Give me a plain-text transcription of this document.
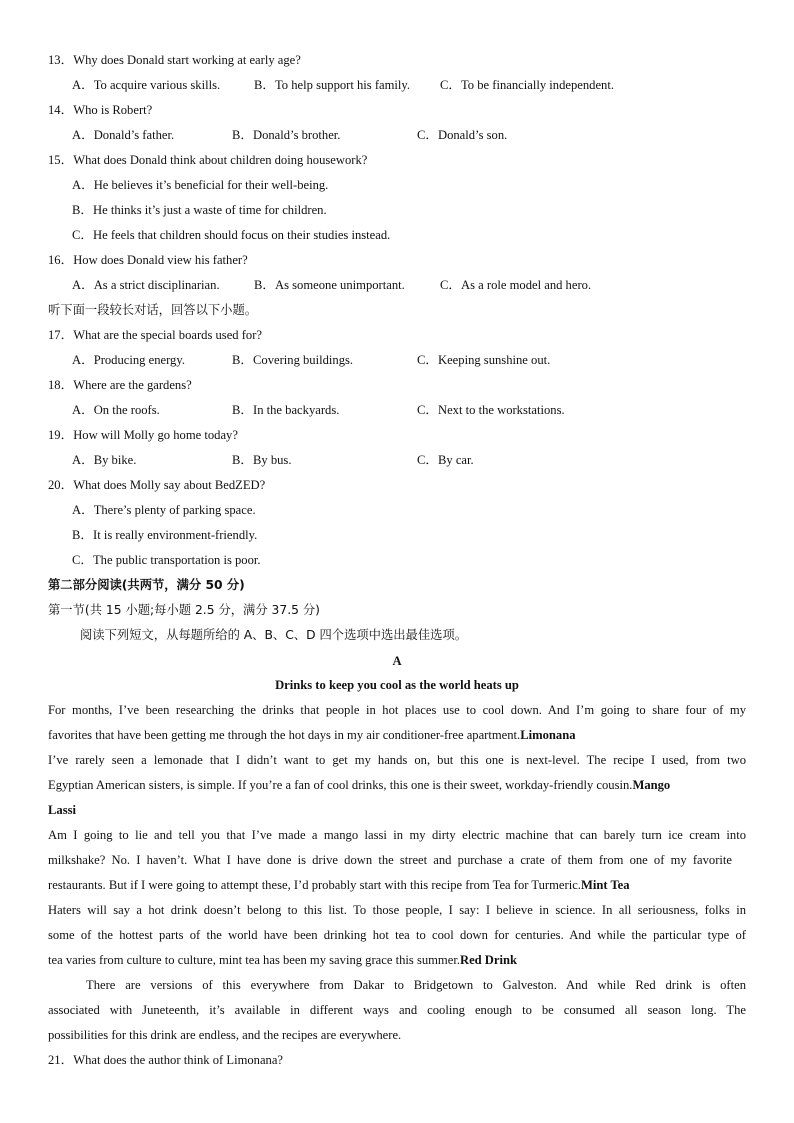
13．Why does Donald start working at early age?
A．To acquire various skills.	B．To help support his family. C．To be financially independent.
14．Who is Robert?
A．Donald’s father.	B．Donald’s brother.	C．Donald’s son.
15．What does Donald think about children doing housework?
A．He believes it’s beneficial for their well-being.
B．He thinks it’s just a waste of time for children.
C．He feels that children should focus on their studies instead.
16．How does Donald view his father?
A．As a strict disciplinarian.	B．As someone unimportant.	C．As a role model and hero.
听下面一段较长对话，回答以下小题。
17．What are the special boards used for?
A．Producing energy.	B．Covering buildings.	C．Keeping sunshine out.
18．Where are the gardens?
A．On the roofs.	B．In the backyards.	C．Next to the workstations.
19．How will Molly go home today?
A．By bike.	B．By bus.	C．By car.
20．What does Molly say about BedZED?
A．There’s plenty of parking space.
B．It is really environment-friendly.
C．The public transportation is poor.
第二部分阅读(共两节，满分 50 分)
第一节(共 15 小题;每小题 2.5 分，满分 37.5 分)
阅读下列短文，从每题所给的 A、B、C、D 四个选项中选出最佳选项。
A
Drinks to keep you cool as the world heats up
For months, I’ve been researching the drinks that people in hot places use to cool down. And I’m going to share four of my
favorites that have been getting me through the hot days in my air conditioner-free apartment.Limonana
I’ve rarely seen a lemonade that I didn’t want to get my hands on, but this one is next-level. The recipe I used, from two
Egyptian American sisters, is simple. If you’re a fan of cool drinks, this one is their sweet, workday-friendly cousin.Mango
Lassi
Am I going to lie and tell you that I’ve made a mango lassi in my dirty electric machine that can barely turn ice cream into
milkshake? No. I haven’t. What I have done is drive down the street and purchase a crate of them from one of my favorite
restaurants. But if I were going to attempt these, I’d probably start with this recipe from Tea for Turmeric.Mint Tea
Haters will say a hot drink doesn’t belong to this list. To those people, I say: I believe in science. In all seriousness, folks in
some of the hottest parts of the world have been drinking hot tea to cool down for centuries. And while the particular type of
tea varies from culture to culture, mint tea has been my saving grace this summer.Red Drink
There are versions of this everywhere from Dakar to Bridgetown to Galveston. And while Red drink is often
associated with Juneteenth, it’s available in different ways and cooling enough to be consumed all season long. The
possibilities for this drink are endless, and the recipes are everywhere.
21．What does the author think of Limonana?
